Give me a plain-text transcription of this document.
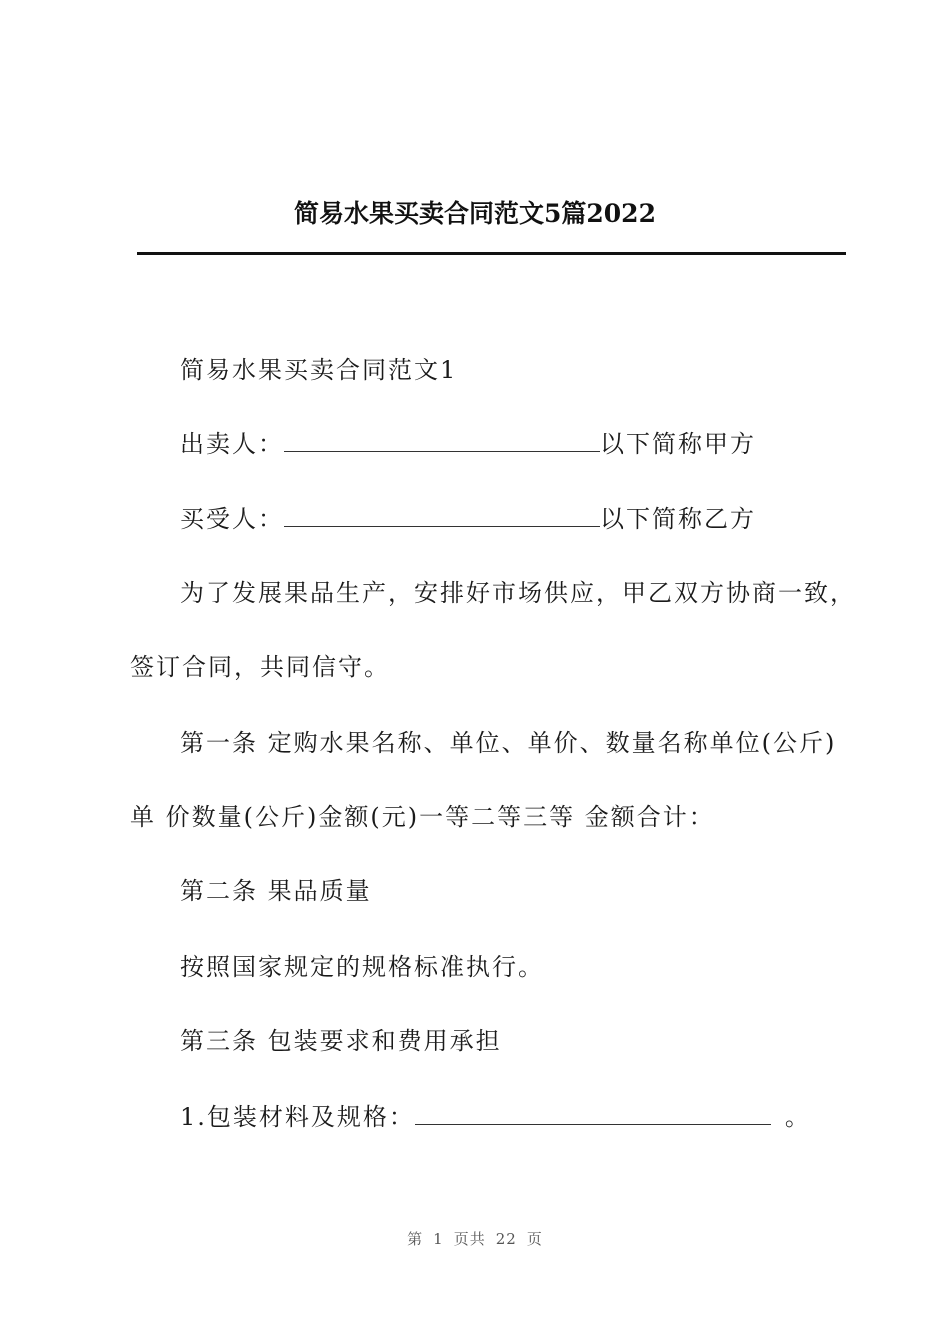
简易水果买卖合同范文5篇2022
简易水果买卖合同范文1
出卖人：	以下简称甲方
买受人：	以下简称乙方
为了发展果品生产，安排好市场供应，甲乙双方协商一致，
签订合同，共同信守。
第一条 定购水果名称、单位、单价、数量名称单位(公斤)
单 价数量(公斤)金额(元)一等二等三等 金额合计：
第二条 果品质量
按照国家规定的规格标准执行。
第三条 包装要求和费用承担
1.包装材料及规格：	。
第 1 页共 22 页
